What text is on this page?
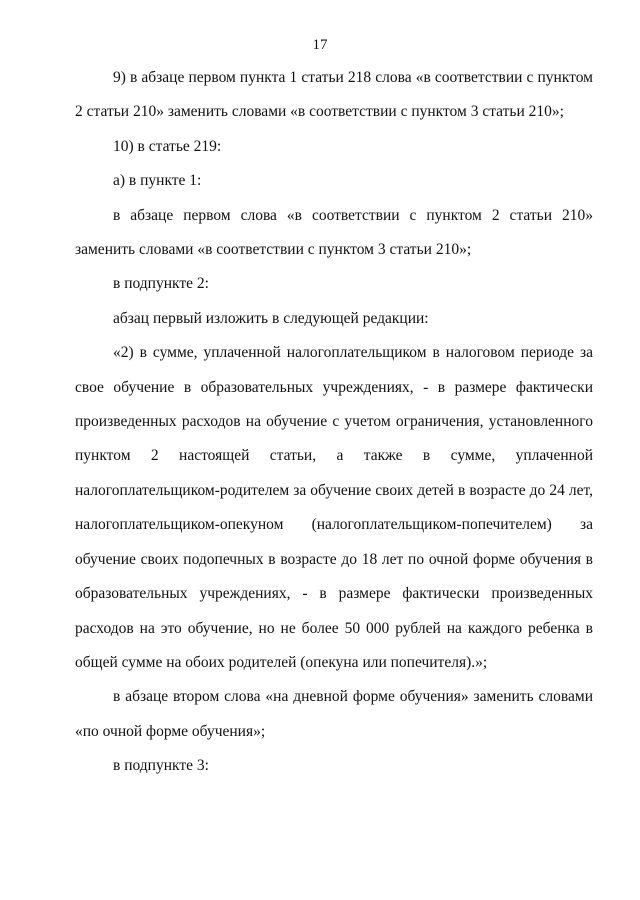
17

9) в абзаце первом пункта 1 статьи 218 слова «в соответствии с пунктом 2 статьи 210» заменить словами «в соответствии с пунктом 3 статьи 210»;

10) в статье 219:

а) в пункте 1:

в абзаце первом слова «в соответствии с пунктом 2 статьи 210» заменить словами «в соответствии с пунктом 3 статьи 210»;

в подпункте 2:

абзац первый изложить в следующей редакции:

«2) в сумме, уплаченной налогоплательщиком в налоговом периоде за свое обучение в образовательных учреждениях, - в размере фактически произведенных расходов на обучение с учетом ограничения, установленного пунктом 2 настоящей статьи, а также в сумме, уплаченной налогоплательщиком-родителем за обучение своих детей в возрасте до 24 лет, налогоплательщиком-опекуном (налогоплательщиком-попечителем) за обучение своих подопечных в возрасте до 18 лет по очной форме обучения в образовательных учреждениях, - в размере фактически произведенных расходов на это обучение, но не более 50 000 рублей на каждого ребенка в общей сумме на обоих родителей (опекуна или попечителя).»;

в абзаце втором слова «на дневной форме обучения» заменить словами «по очной форме обучения»;

в подпункте 3:
